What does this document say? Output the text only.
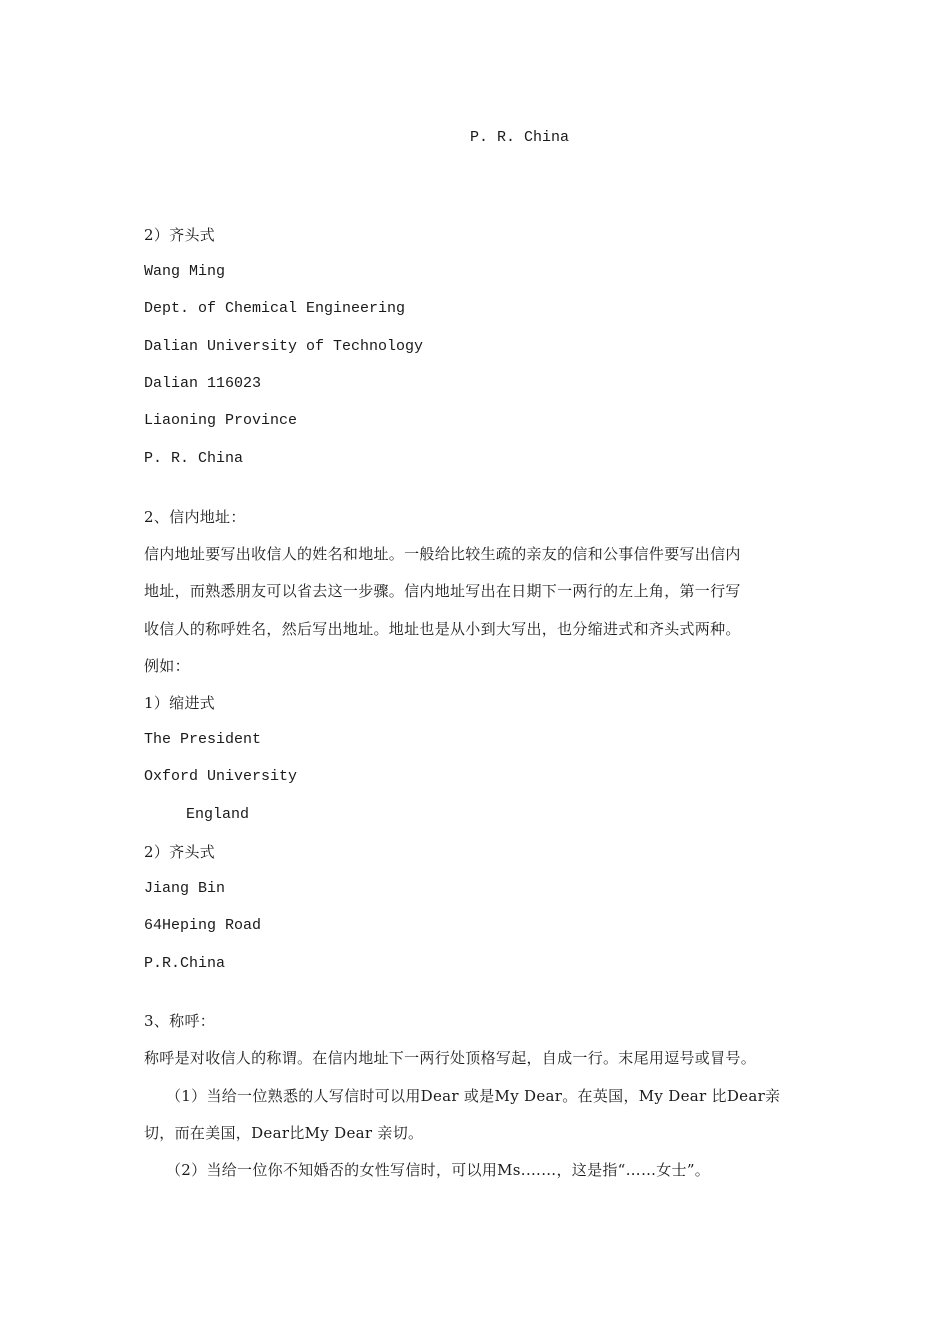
P. R. China
2）齐头式
Wang Ming
Dept. of Chemical Engineering
Dalian University of Technology
Dalian 116023
Liaoning Province
P. R. China
2、信内地址：
信内地址要写出收信人的姓名和地址。一般给比较生疏的亲友的信和公事信件要写出信内
地址，而熟悉朋友可以省去这一步骤。信内地址写出在日期下一两行的左上角，第一行写
收信人的称呼姓名，然后写出地址。地址也是从小到大写出，也分缩进式和齐头式两种。
例如：
1）缩进式
The President
Oxford University
England
2）齐头式
Jiang Bin
64Heping Road
P.R.China
3、称呼：
称呼是对收信人的称谓。在信内地址下一两行处顶格写起，自成一行。末尾用逗号或冒号。
（1）当给一位熟悉的人写信时可以用Dear 或是My Dear。在英国，My Dear 比Dear亲
切，而在美国，Dear比My Dear 亲切。
（2）当给一位你不知婚否的女性写信时，可以用Ms.……，这是指“……女士”。
